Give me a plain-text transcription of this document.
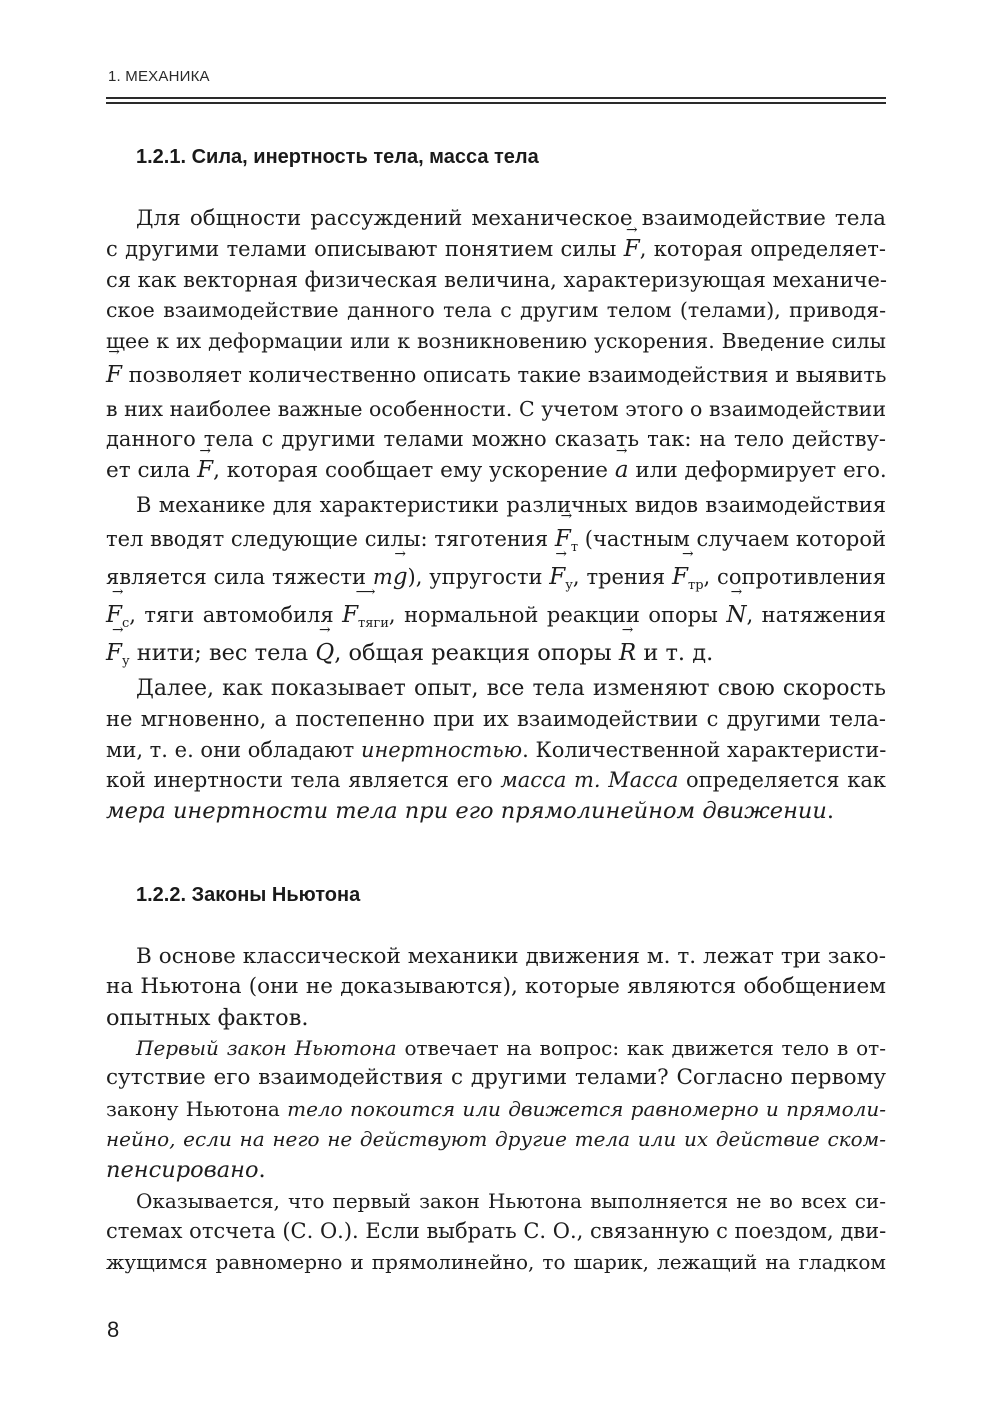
1. МЕХАНИКА
1.2.1. Сила, инертность тела, масса тела
Для общности рассуждений механическое взаимодействие тела
с другими телами описывают понятием силы → F, которая определяет-
ся как векторная физическая величина, характеризующая механиче-
ское взаимодействие данного тела с другим телом (телами), приводя-
щее к их деформации или к возникновению ускорения. Введение силы
→ F позволяет количественно описать такие взаимодействия и выявить
в них наиболее важные особенности. С учетом этого о взаимодействии
данного тела с другими телами можно сказать так: на тело действу-
ет сила → F, которая сообщает ему ускорение → a или деформирует его.
В механике для характеристики различных видов взаимодействия
тел вводят следующие силы: тяготения → $F_т$ (частным случаем которой
является сила тяжести m→ g), упругости → $F_у$, трения → $F_{тр}$, сопротивления
→ $F_с$, тяги автомобиля ⟶ $F_{тяги}$, нормальной реакции опоры → N, натяжения
→ $F_у$ нити; вес тела → Q, общая реакция опоры → R и т. д.
Далее, как показывает опыт, все тела изменяют свою скорость
не мгновенно, а постепенно при их взаимодействии с другими тела-
ми, т. е. они обладают инертностью. Количественной характеристи-
кой инертности тела является его масса m. Масса определяется как
мера инертности тела при его прямолинейном движении.
1.2.2. Законы Ньютона
В основе классической механики движения м. т. лежат три зако-
на Ньютона (они не доказываются), которые являются обобщением
опытных фактов.
Первый закон Ньютона отвечает на вопрос: как движется тело в от-
сутствие его взаимодействия с другими телами? Согласно первому
закону Ньютона тело покоится или движется равномерно и прямоли-
нейно, если на него не действуют другие тела или их действие ском-
пенсировано.
Оказывается, что первый закон Ньютона выполняется не во всех си-
стемах отсчета (С. О.). Если выбрать С. О., связанную с поездом, дви-
жущимся равномерно и прямолинейно, то шарик, лежащий на гладком
8
